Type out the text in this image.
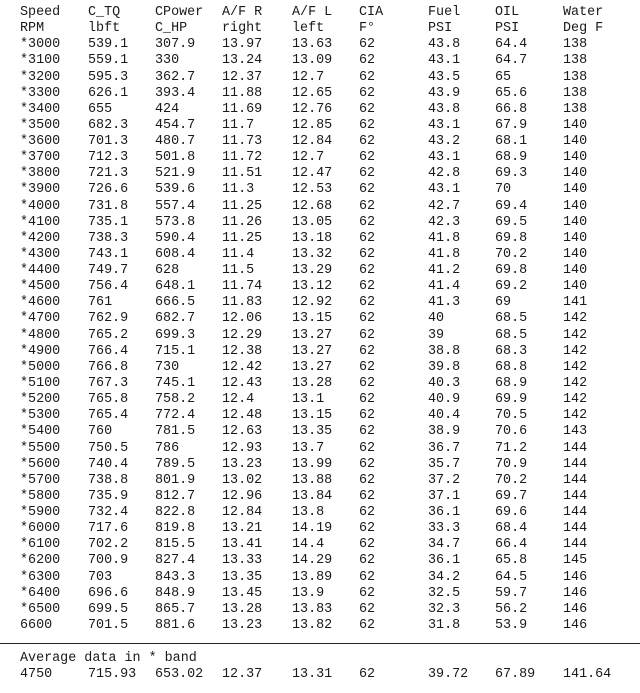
Speed C_TQ	CPower A/F R A/F L CIA	Fuel	OIL	Water
RPM	lbft	C_HP	right left	F°	PSI	PSI	Deg F
*3000 539.1 307.9 13.97 13.63 62	43.8	64.4	138
*3100 559.1 330	13.24 13.09 62	43.1	64.7	138
*3200 595.3 362.7 12.37 12.7	62	43.5	65	138
*3300 626.1 393.4 11.88 12.65 62	43.9	65.6	138
*3400 655	424	11.69 12.76 62	43.8	66.8	138
*3500 682.3 454.7 11.7	12.85 62	43.1	67.9	140
*3600 701.3 480.7 11.73 12.84 62	43.2	68.1	140
*3700 712.3 501.8 11.72 12.7	62	43.1	68.9	140
*3800 721.3 521.9 11.51 12.47 62	42.8	69.3	140
*3900 726.6 539.6 11.3	12.53 62	43.1	70	140
*4000 731.8 557.4 11.25 12.68 62	42.7	69.4	140
*4100 735.1 573.8 11.26 13.05 62	42.3	69.5	140
*4200 738.3 590.4 11.25 13.18 62	41.8	69.8	140
*4300 743.1 608.4 11.4	13.32 62	41.8	70.2	140
*4400 749.7 628	11.5	13.29 62	41.2	69.8	140
*4500 756.4 648.1 11.74 13.12 62	41.4	69.2	140
*4600 761	666.5 11.83 12.92 62	41.3	69	141
*4700 762.9 682.7 12.06 13.15 62	40	68.5	142
*4800 765.2 699.3 12.29 13.27 62	39	68.5	142
*4900 766.4 715.1 12.38 13.27 62	38.8	68.3	142
*5000 766.8 730	12.42 13.27 62	39.8	68.8	142
*5100 767.3 745.1 12.43 13.28 62	40.3	68.9	142
*5200 765.8 758.2 12.4	13.1	62	40.9	69.9	142
*5300 765.4 772.4 12.48 13.15 62	40.4	70.5	142
*5400 760	781.5 12.63 13.35 62	38.9	70.6	143
*5500 750.5 786	12.93 13.7	62	36.7	71.2	144
*5600 740.4 789.5 13.23 13.99 62	35.7	70.9	144
*5700 738.8 801.9 13.02 13.88 62	37.2	70.2	144
*5800 735.9 812.7 12.96 13.84 62	37.1	69.7	144
*5900 732.4 822.8 12.84 13.8	62	36.1	69.6	144
*6000 717.6 819.8 13.21 14.19 62	33.3	68.4	144
*6100 702.2 815.5 13.41 14.4	62	34.7	66.4	144
*6200 700.9 827.4 13.33 14.29 62	36.1	65.8	145
*6300 703	843.3 13.35 13.89 62	34.2	64.5	146
*6400 696.6 848.9 13.45 13.9	62	32.5	59.7	146
*6500 699.5 865.7 13.28 13.83 62	32.3	56.2	146
6600	701.5 881.6 13.23 13.82 62	31.8	53.9	146
Average data in * band
4750	715.93 653.02 12.37 13.31 62	39.72 67.89 141.64
